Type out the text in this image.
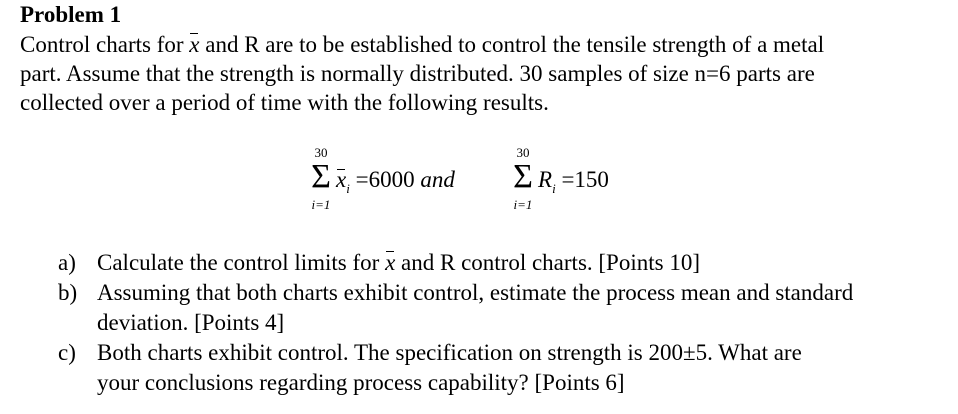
Problem 1
Control charts for x and R are to be established to control the tensile strength of a metal
part. Assume that the strength is normally distributed. 30 samples of size n=6 parts are
collected over a period of time with the following results.
30
Σ
i=1
$x_i =6000$ and
30
Σ
i=1
$R_i =150$
a) Calculate the control limits for x and R control charts. [Points 10]
b) Assuming that both charts exhibit control, estimate the process mean and standard
deviation. [Points 4]
c) Both charts exhibit control. The specification on strength is 200±5. What are
your conclusions regarding process capability? [Points 6]
